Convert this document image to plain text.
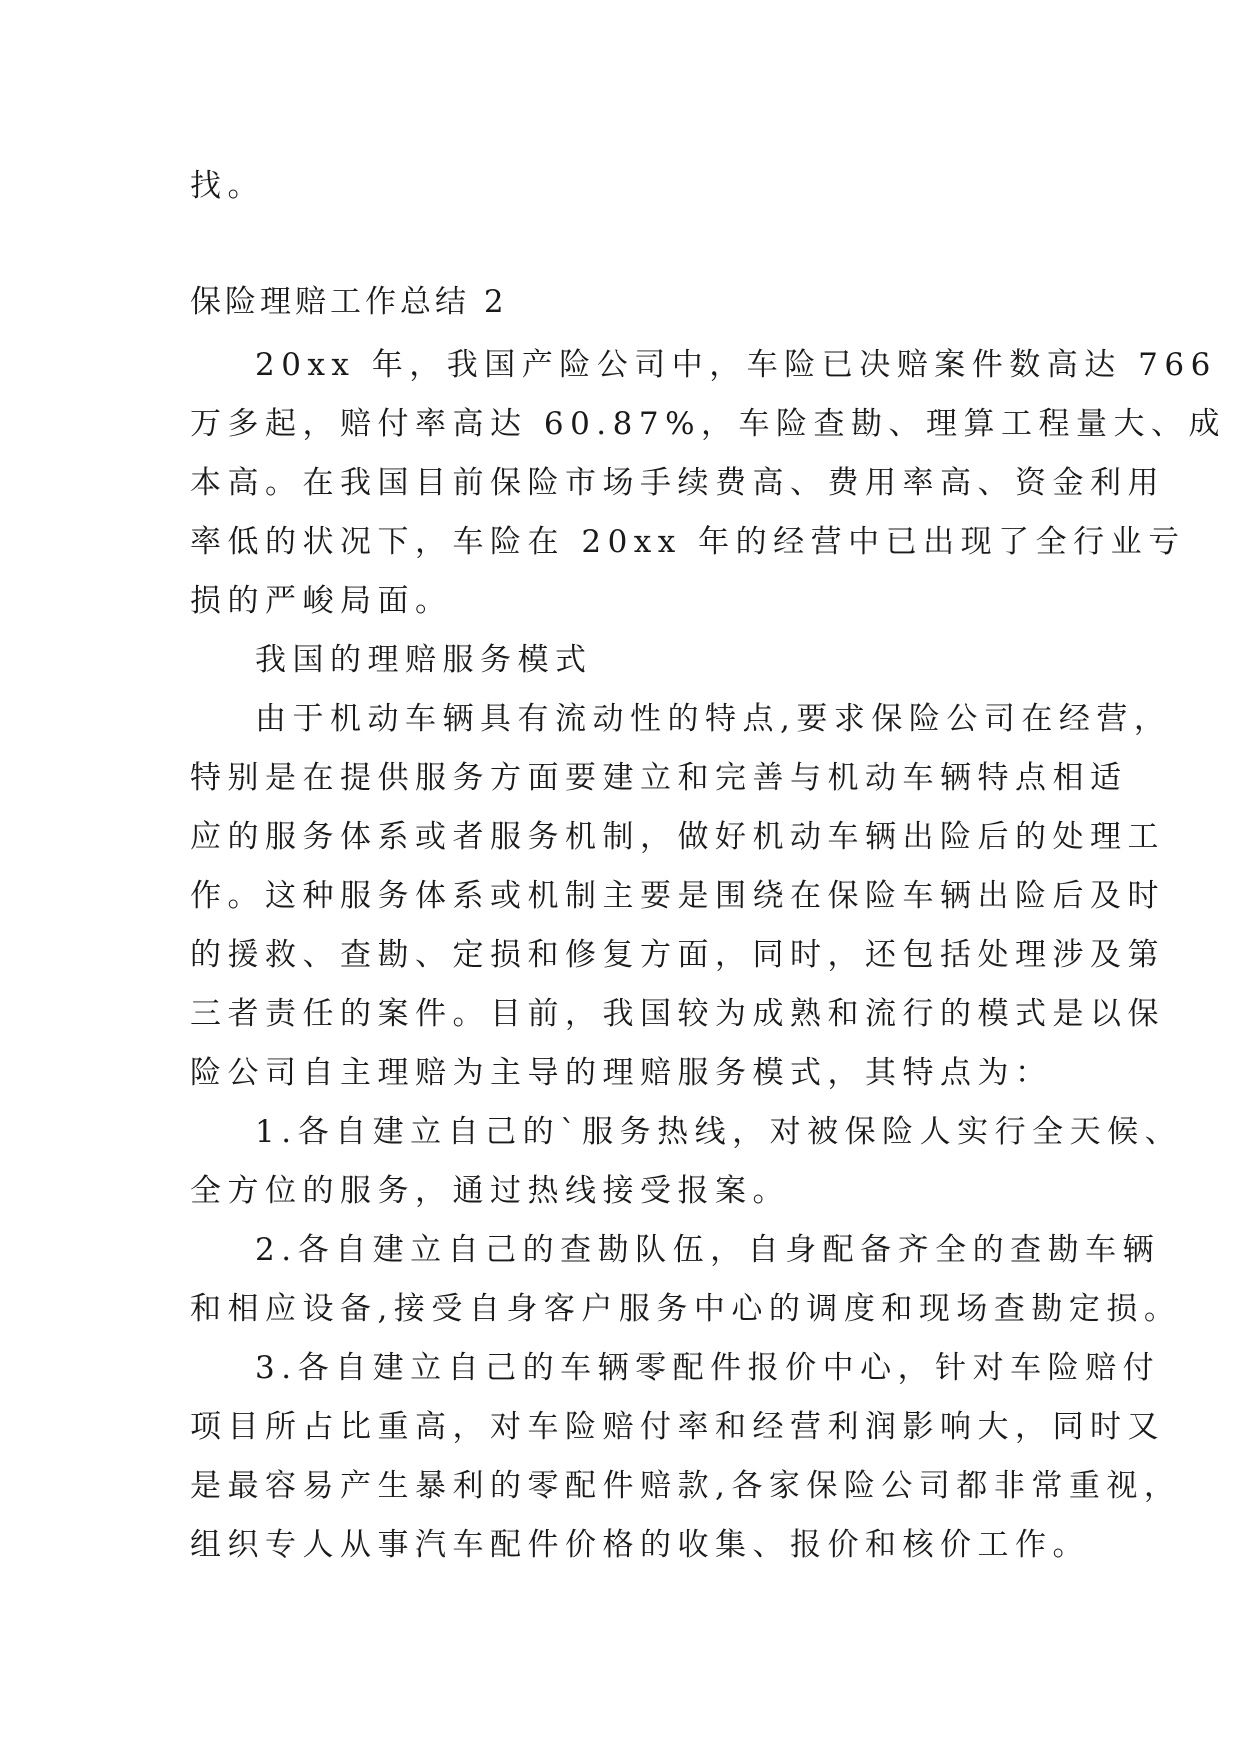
找。
保险理赔工作总结 2
20xx 年，我国产险公司中，车险已决赔案件数高达 766
万多起，赔付率高达 60.87%，车险查勘、理算工程量大、成
本高。在我国目前保险市场手续费高、费用率高、资金利用
率低的状况下，车险在 20xx 年的经营中已出现了全行业亏
损的严峻局面。
我国的理赔服务模式
由于机动车辆具有流动性的特点,要求保险公司在经营，
特别是在提供服务方面要建立和完善与机动车辆特点相适
应的服务体系或者服务机制，做好机动车辆出险后的处理工
作。这种服务体系或机制主要是围绕在保险车辆出险后及时
的援救、查勘、定损和修复方面，同时，还包括处理涉及第
三者责任的案件。目前，我国较为成熟和流行的模式是以保
险公司自主理赔为主导的理赔服务模式，其特点为：
1.各自建立自己的`服务热线，对被保险人实行全天候、
全方位的服务，通过热线接受报案。
2.各自建立自己的查勘队伍，自身配备齐全的查勘车辆
和相应设备,接受自身客户服务中心的调度和现场查勘定损。
3.各自建立自己的车辆零配件报价中心，针对车险赔付
项目所占比重高，对车险赔付率和经营利润影响大，同时又
是最容易产生暴利的零配件赔款,各家保险公司都非常重视，
组织专人从事汽车配件价格的收集、报价和核价工作。
